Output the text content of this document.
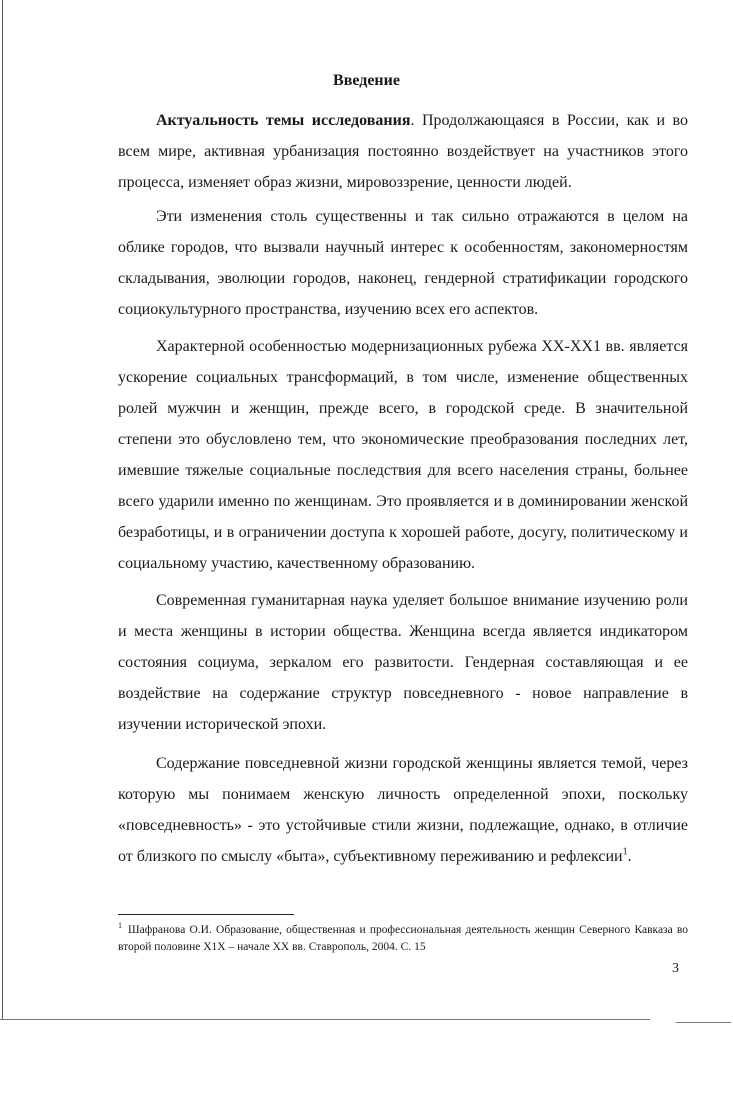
Введение

Актуальность темы исследования. Продолжающаяся в России, как и во всем мире, активная урбанизация постоянно воздействует на участников этого процесса, изменяет образ жизни, мировоззрение, ценности людей.

Эти изменения столь существенны и так сильно отражаются в целом на облике городов, что вызвали научный интерес к особенностям, закономерностям складывания, эволюции городов, наконец, гендерной стратификации городского социокультурного пространства, изучению всех его аспектов.

Характерной особенностью модернизационных рубежа XX-XX1 вв. является ускорение социальных трансформаций, в том числе, изменение общественных ролей мужчин и женщин, прежде всего, в городской среде. В значительной степени это обусловлено тем, что экономические преобразования последних лет, имевшие тяжелые социальные последствия для всего населения страны, больнее всего ударили именно по женщинам. Это проявляется и в доминировании женской безработицы, и в ограничении доступа к хорошей работе, досугу, политическому и социальному участию, качественному образованию.

Современная гуманитарная наука уделяет большое внимание изучению роли и места женщины в истории общества. Женщина всегда является индикатором состояния социума, зеркалом его развитости. Гендерная составляющая и ее воздействие на содержание структур повседневного - новое направление в изучении исторической эпохи.

Содержание повседневной жизни городской женщины является темой, через которую мы понимаем женскую личность определенной эпохи, поскольку «повседневность» - это устойчивые стили жизни, подлежащие, однако, в отличие от близкого по смыслу «быта», субъективному переживанию и рефлексии$^1$.

$^1$ Шафранова О.И. Образование, общественная и профессиональная деятельность женщин Северного Кавказа во второй половине X1X – начале XX вв. Ставрополь, 2004. С. 15
3
